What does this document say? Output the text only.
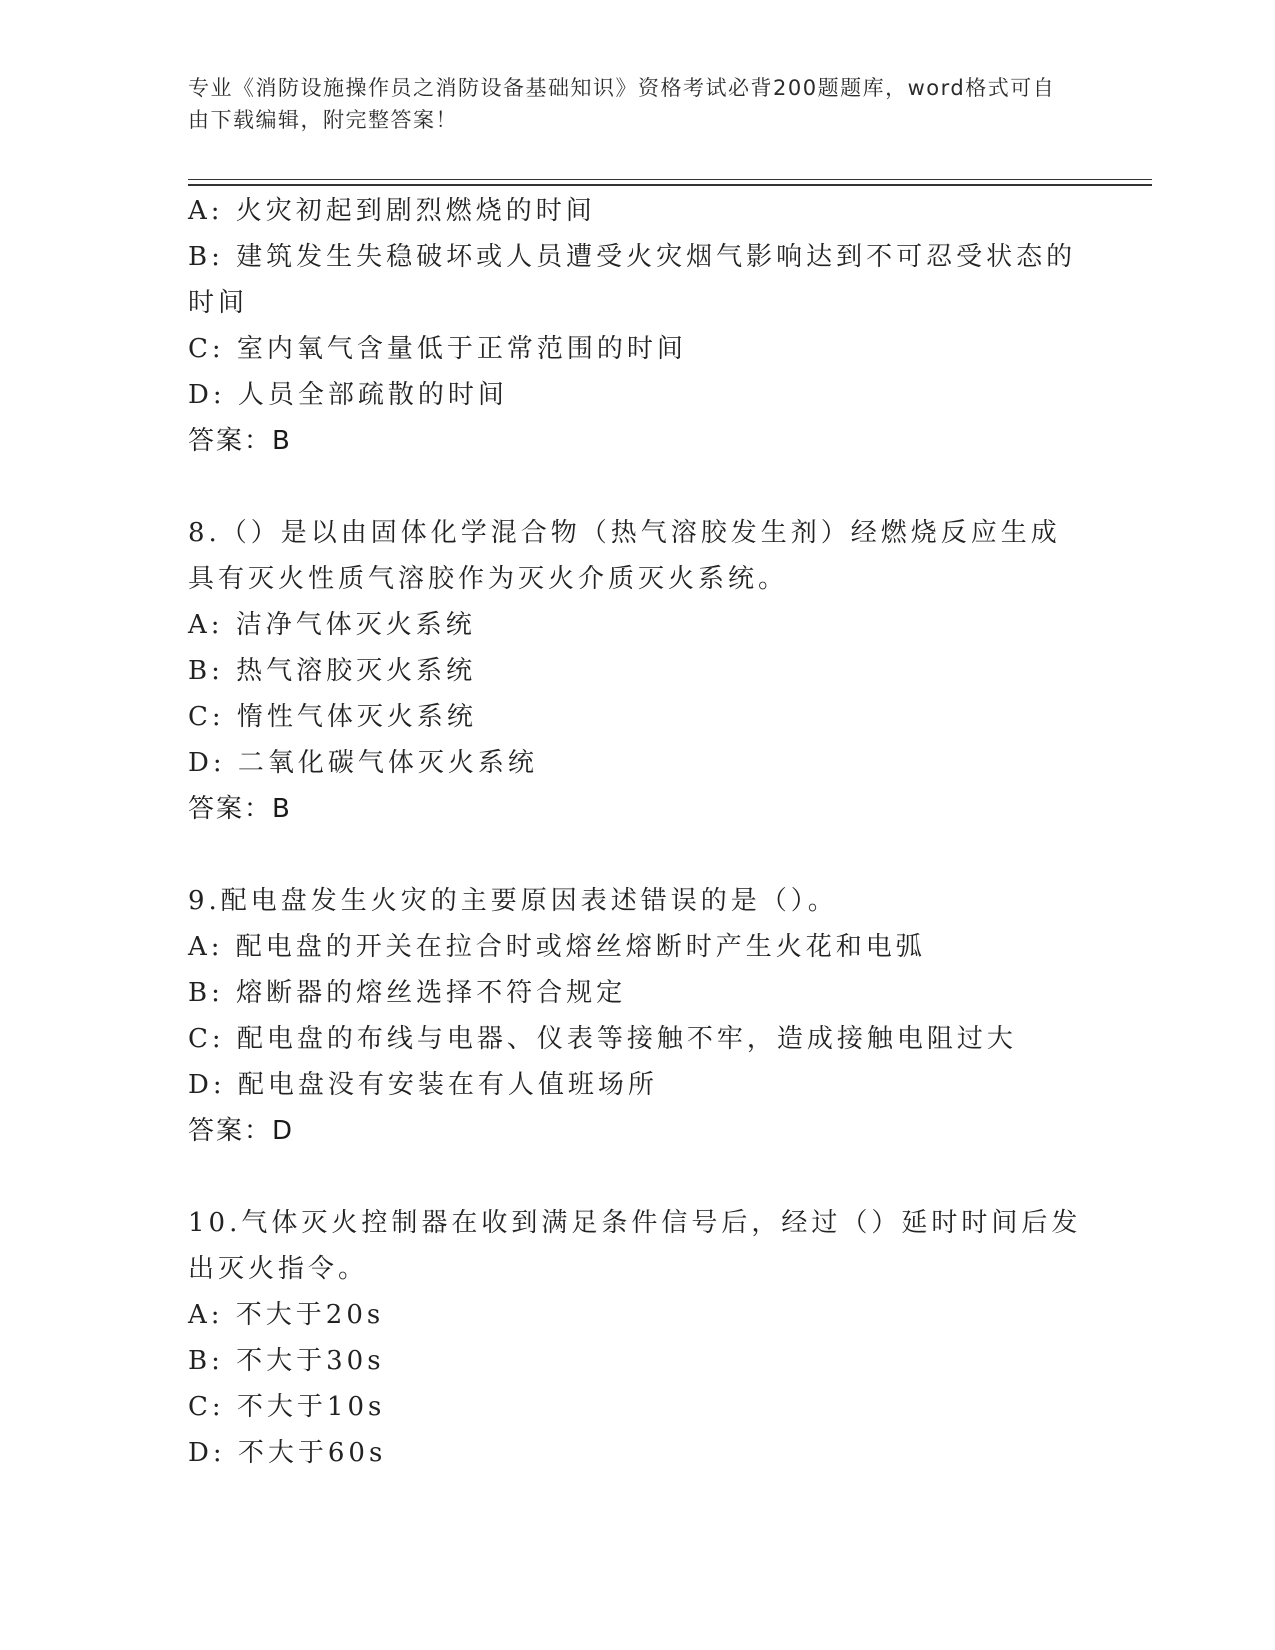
专业《消防设施操作员之消防设备基础知识》资格考试必背200题题库，word格式可自由下载编辑，附完整答案！
A: 火灾初起到剧烈燃烧的时间
B: 建筑发生失稳破坏或人员遭受火灾烟气影响达到不可忍受状态的时间
C: 室内氧气含量低于正常范围的时间
D: 人员全部疏散的时间
答案：B
8.（）是以由固体化学混合物（热气溶胶发生剂）经燃烧反应生成具有灭火性质气溶胶作为灭火介质灭火系统。
A: 洁净气体灭火系统
B: 热气溶胶灭火系统
C: 惰性气体灭火系统
D: 二氧化碳气体灭火系统
答案：B
9.配电盘发生火灾的主要原因表述错误的是（）。
A: 配电盘的开关在拉合时或熔丝熔断时产生火花和电弧
B: 熔断器的熔丝选择不符合规定
C: 配电盘的布线与电器、仪表等接触不牢，造成接触电阻过大
D: 配电盘没有安装在有人值班场所
答案：D
10.气体灭火控制器在收到满足条件信号后，经过（）延时时间后发出灭火指令。
A: 不大于20s
B: 不大于30s
C: 不大于10s
D: 不大于60s
